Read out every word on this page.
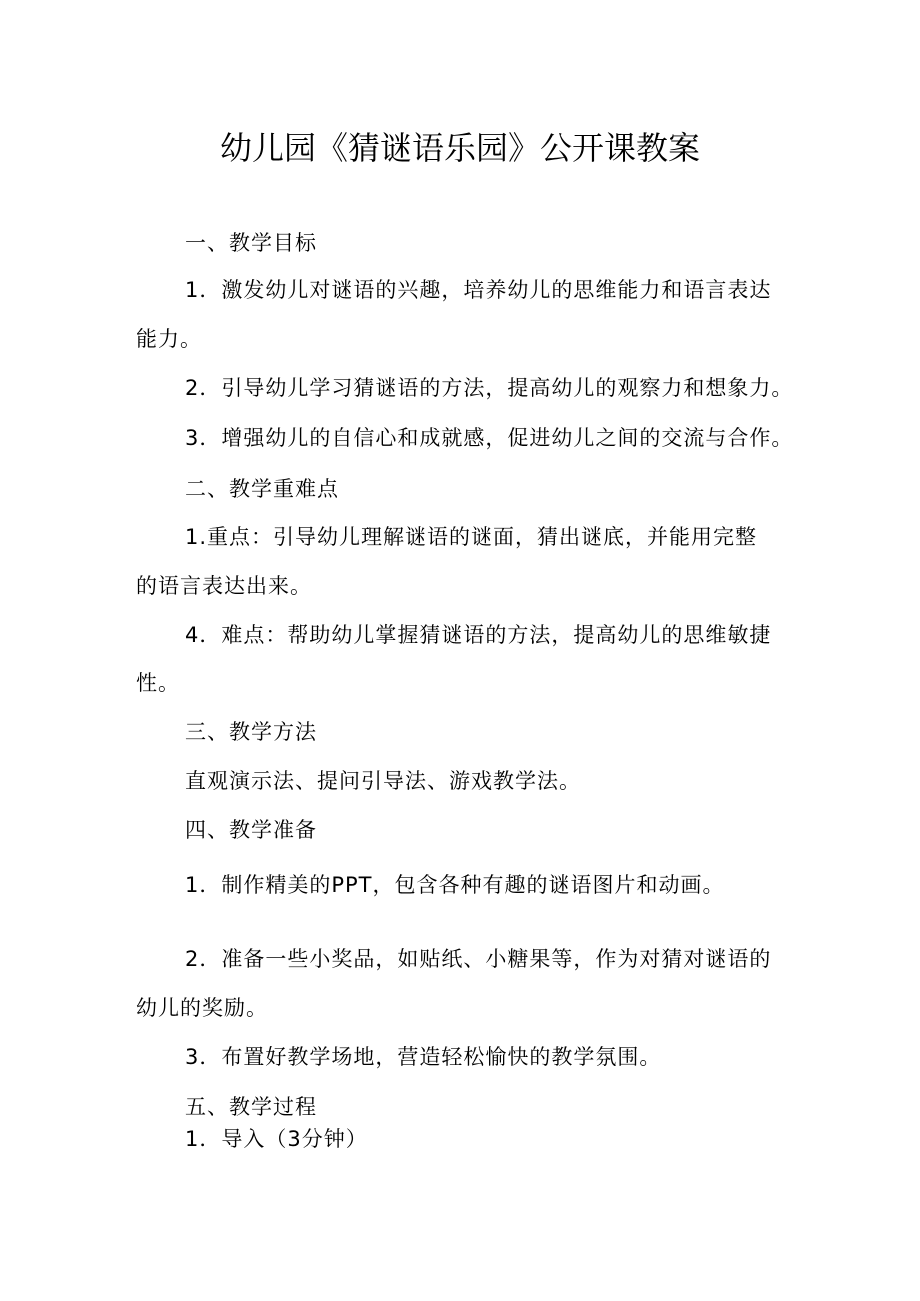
幼儿园《猜谜语乐园》公开课教案

一、教学目标

1．激发幼儿对谜语的兴趣，培养幼儿的思维能力和语言表达

能力。

2．引导幼儿学习猜谜语的方法，提高幼儿的观察力和想象力。

3．增强幼儿的自信心和成就感，促进幼儿之间的交流与合作。

二、教学重难点

1.重点：引导幼儿理解谜语的谜面，猜出谜底，并能用完整

的语言表达出来。

4．难点：帮助幼儿掌握猜谜语的方法，提高幼儿的思维敏捷

性。

三、教学方法

直观演示法、提问引导法、游戏教学法。

四、教学准备

1．制作精美的PPT，包含各种有趣的谜语图片和动画。

2．准备一些小奖品，如贴纸、小糖果等，作为对猜对谜语的

幼儿的奖励。

3．布置好教学场地，营造轻松愉快的教学氛围。

五、教学过程

1．导入（3分钟）
